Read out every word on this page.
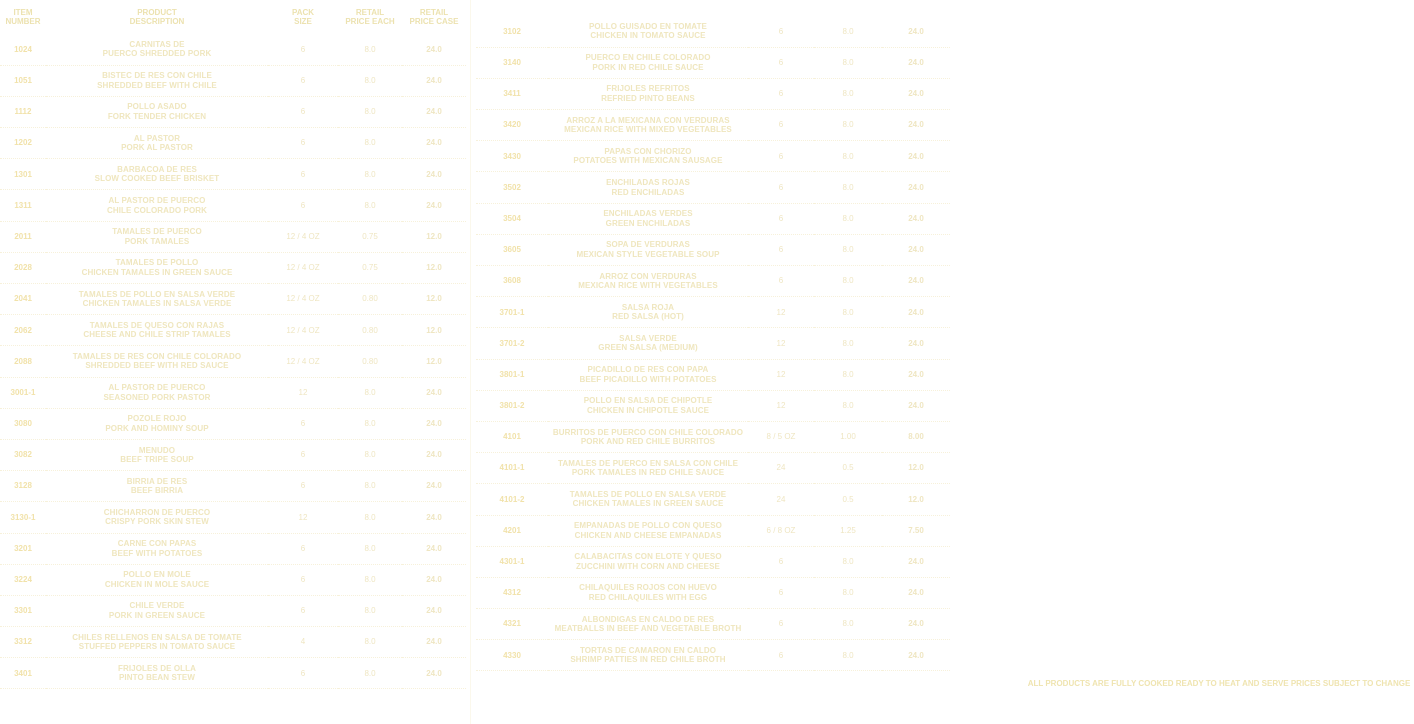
ITEM
NUMBER	PRODUCT
DESCRIPTION	PACK
SIZE	RETAIL
PRICE EACH	RETAIL
PRICE CASE

1024	CARNITAS DE
PUERCO SHREDDED PORK	6	8.0	24.0
1051	BISTEC DE RES CON CHILE
SHREDDED BEEF WITH CHILE	6	8.0	24.0
1112	POLLO ASADO
FORK TENDER CHICKEN	6	8.0	24.0
1202	AL PASTOR
PORK AL PASTOR	6	8.0	24.0
1301	BARBACOA DE RES
SLOW COOKED BEEF BRISKET	6	8.0	24.0
1311	AL PASTOR DE PUERCO
CHILE COLORADO PORK	6	8.0	24.0
2011	TAMALES DE PUERCO
PORK TAMALES	12 / 4 OZ	0.75	12.0
2028	TAMALES DE POLLO
CHICKEN TAMALES IN GREEN SAUCE	12 / 4 OZ	0.75	12.0
2041	TAMALES DE POLLO EN SALSA VERDE
CHICKEN TAMALES IN SALSA VERDE	12 / 4 OZ	0.80	12.0
2062	TAMALES DE QUESO CON RAJAS
CHEESE AND CHILE STRIP TAMALES	12 / 4 OZ	0.80	12.0
2088	TAMALES DE RES CON CHILE COLORADO
SHREDDED BEEF WITH RED SAUCE	12 / 4 OZ	0.80	12.0
3001-1	AL PASTOR DE PUERCO
SEASONED PORK PASTOR	12	8.0	24.0
3080	POZOLE ROJO
PORK AND HOMINY SOUP	6	8.0	24.0
3082	MENUDO
BEEF TRIPE SOUP	6	8.0	24.0
3128	BIRRIA DE RES
BEEF BIRRIA	6	8.0	24.0
3130-1	CHICHARRON DE PUERCO
CRISPY PORK SKIN STEW	12	8.0	24.0
3201	CARNE CON PAPAS
BEEF WITH POTATOES	6	8.0	24.0
3224	POLLO EN MOLE
CHICKEN IN MOLE SAUCE	6	8.0	24.0
3301	CHILE VERDE
PORK IN GREEN SAUCE	6	8.0	24.0
3312	CHILES RELLENOS EN SALSA DE TOMATE
STUFFED PEPPERS IN TOMATO SAUCE	4	8.0	24.0
3401	FRIJOLES DE OLLA
PINTO BEAN STEW	6	8.0	24.0
3102	POLLO GUISADO EN TOMATE
CHICKEN IN TOMATO SAUCE	6	8.0	24.0
3140	PUERCO EN CHILE COLORADO
PORK IN RED CHILE SAUCE	6	8.0	24.0
3411	FRIJOLES REFRITOS
REFRIED PINTO BEANS	6	8.0	24.0
3420	ARROZ A LA MEXICANA CON VERDURAS
MEXICAN RICE WITH MIXED VEGETABLES	6	8.0	24.0
3430	PAPAS CON CHORIZO
POTATOES WITH MEXICAN SAUSAGE	6	8.0	24.0
3502	ENCHILADAS ROJAS
RED ENCHILADAS	6	8.0	24.0
3504	ENCHILADAS VERDES
GREEN ENCHILADAS	6	8.0	24.0
3605	SOPA DE VERDURAS
MEXICAN STYLE VEGETABLE SOUP	6	8.0	24.0
3608	ARROZ CON VERDURAS
MEXICAN RICE WITH VEGETABLES	6	8.0	24.0
3701-1	SALSA ROJA
RED SALSA (HOT)	12	8.0	24.0
3701-2	SALSA VERDE
GREEN SALSA (MEDIUM)	12	8.0	24.0
3801-1	PICADILLO DE RES CON PAPA
BEEF PICADILLO WITH POTATOES	12	8.0	24.0
3801-2	POLLO EN SALSA DE CHIPOTLE
CHICKEN IN CHIPOTLE SAUCE	12	8.0	24.0
4101	BURRITOS DE PUERCO CON CHILE COLORADO
PORK AND RED CHILE BURRITOS	8 / 5 OZ	1.00	8.00
4101-1	TAMALES DE PUERCO EN SALSA CON CHILE
PORK TAMALES IN RED CHILE SAUCE	24	0.5	12.0
4101-2	TAMALES DE POLLO EN SALSA VERDE
CHICKEN TAMALES IN GREEN SAUCE	24	0.5	12.0
4201	EMPANADAS DE POLLO CON QUESO
CHICKEN AND CHEESE EMPANADAS	6 / 8 OZ	1.25	7.50
4301-1	CALABACITAS CON ELOTE Y QUESO
ZUCCHINI WITH CORN AND CHEESE	6	8.0	24.0
4312	CHILAQUILES ROJOS CON HUEVO
RED CHILAQUILES WITH EGG	6	8.0	24.0
4321	ALBONDIGAS EN CALDO DE RES
MEATBALLS IN BEEF AND VEGETABLE BROTH	6	8.0	24.0
4330	TORTAS DE CAMARON EN CALDO
SHRIMP PATTIES IN RED CHILE BROTH	6	8.0	24.0
ALL PRODUCTS ARE FULLY COOKED READY TO HEAT AND SERVE PRICES SUBJECT TO CHANGE
